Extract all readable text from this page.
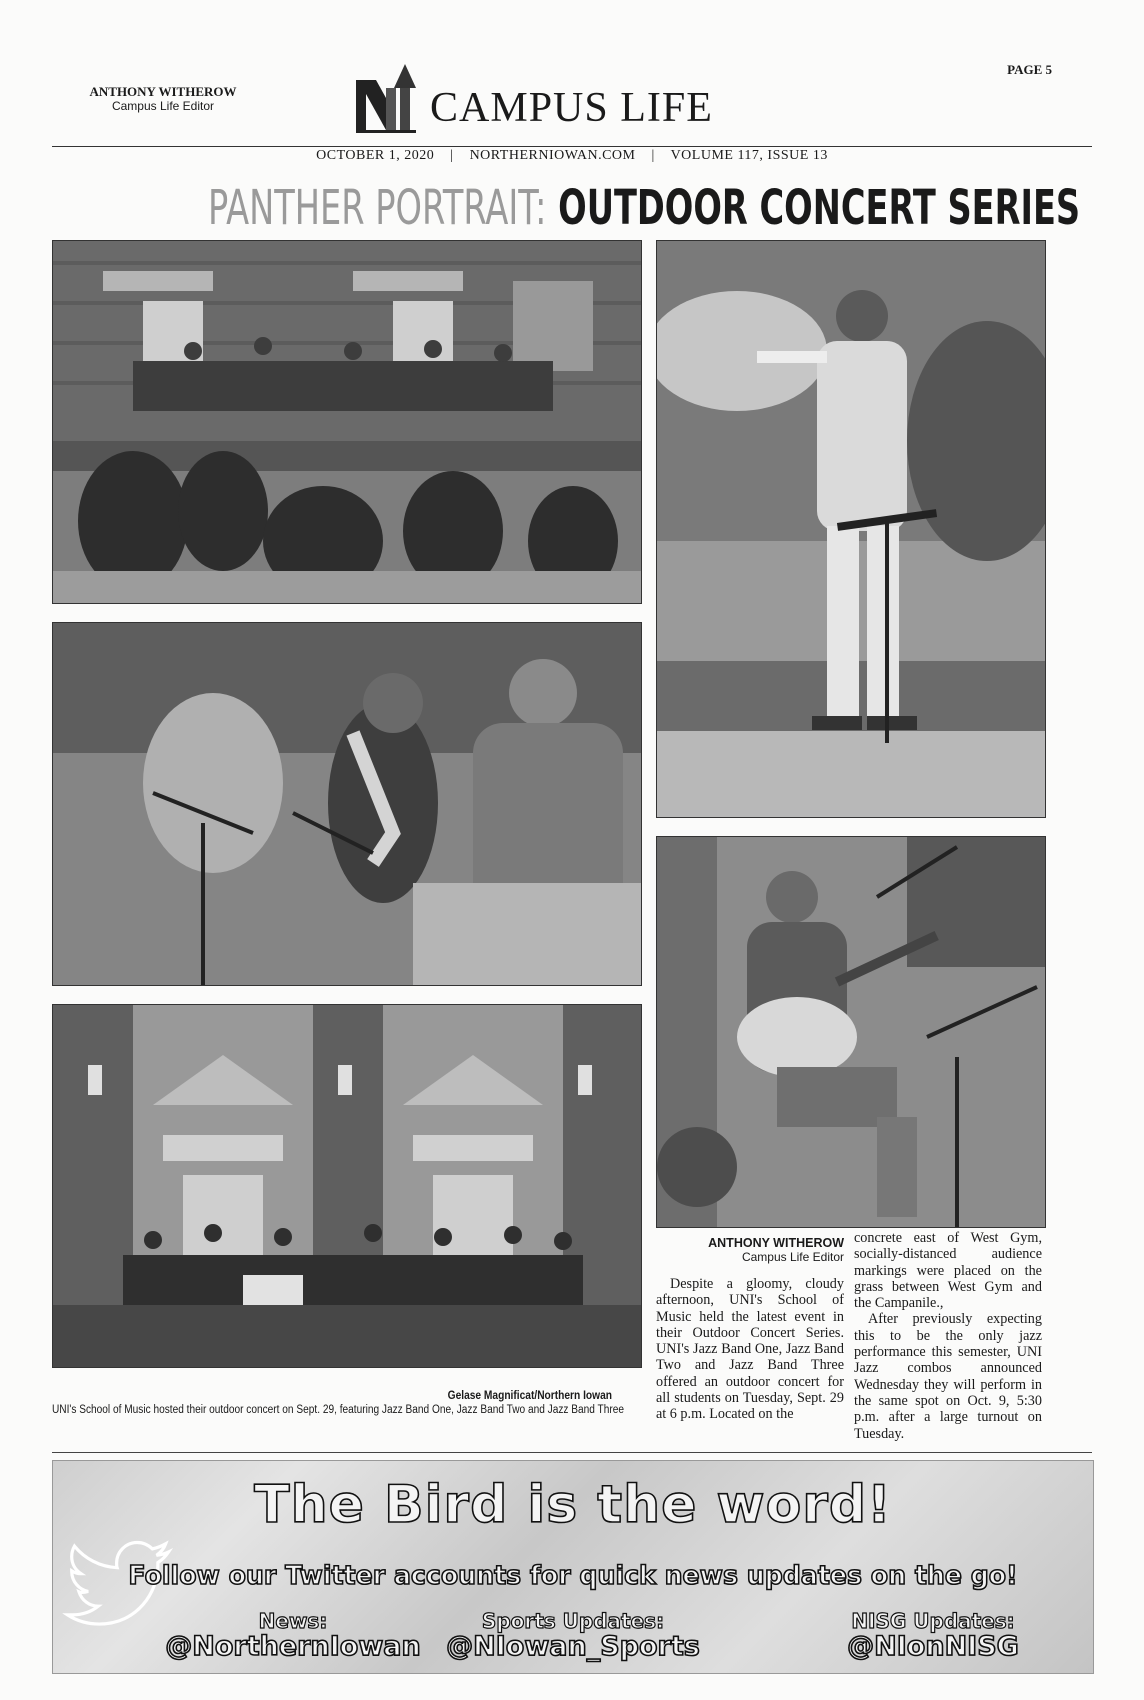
PAGE 5
ANTHONY WITHEROW
Campus Life Editor	CAMPUS LIFE
OCTOBER 1, 2020 | NORTHERNIOWAN.COM | VOLUME 117, ISSUE 13
PANTHER PORTRAIT: OUTDOOR CONCERT SERIES
Gelase Magnificat/Northern Iowan
UNI's School of Music hosted their outdoor concert on Sept. 29, featuring Jazz Band One, Jazz Band Two and Jazz Band Three
ANTHONY WITHEROW
Campus Life Editor

Despite a gloomy, cloudy afternoon, UNI's School of Music held the latest event in their Outdoor Concert Series. UNI's Jazz Band One, Jazz Band Two and Jazz Band Three offered an outdoor concert for all students on Tuesday, Sept. 29 at 6 p.m. Located on the

concrete east of West Gym, socially-distanced audience markings were placed on the grass between West Gym and the Campanile.,

After previously expecting this to be the only jazz performance this semester, UNI Jazz combos announced Wednesday they will perform in the same spot on Oct. 9, 5:30 p.m. after a large turnout on Tuesday.

The Bird is the word!
Follow our Twitter accounts for quick news updates on the go!
News:
@NorthernIowan
Sports Updates:
@NIowan_Sports
NISG Updates:
@NIonNISG
